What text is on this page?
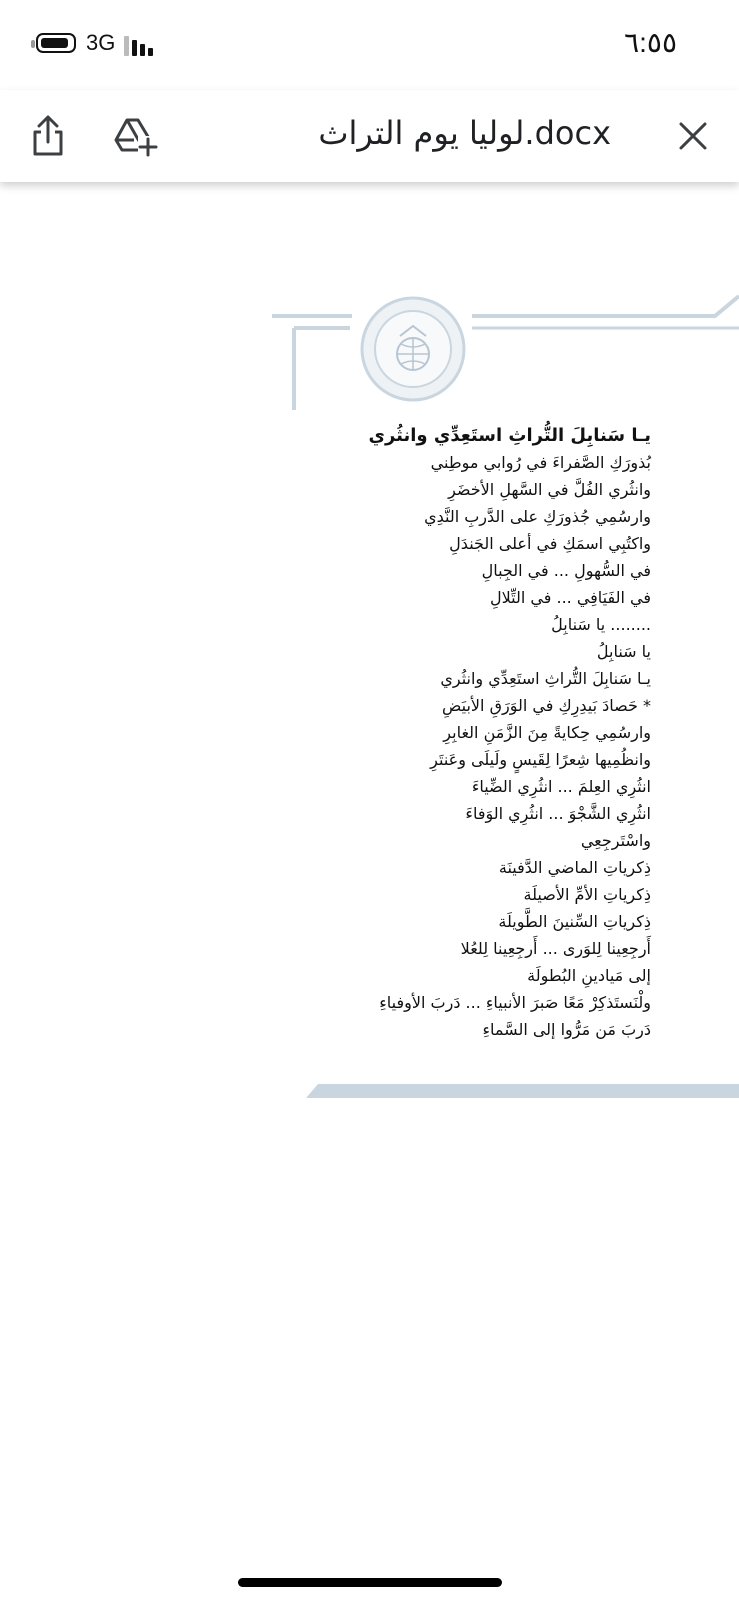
3G	٦:٥٥
لوليا يوم التراث.docx
يـا سَنابِلَ التُّراثِ استَعِدِّي وانثُري
بُذورَكِ الصَّفراءَ في رُوابي موطِني
وانثُري الفُلَّ في السَّهلِ الأخضَرِ
وارسُمِي جُذورَكِ على الدَّربِ النَّدِي
واكتُبِي اسمَكِ في أعلى الجَندَلِ
في السُّهولِ ... في الجِبالِ
في الفَيَافِي ... في التِّلالِ
........ يا سَنابِلُ
يا سَنابِلُ
يـا سَنابِلَ التُّراثِ استَعِدِّي وانثُري
* حَصادَ بَيدِرِكِ في الوَرَقِ الأبيَضِ
وارسُمِي حِكايةً مِنَ الزَّمَنِ الغابِرِ
وانظُمِيها شِعرًا لِقَيسٍ ولَيلَى وعَنتَرِ
انثُرِي العِلمَ ... انثُرِي الضِّياءَ
انثُرِي الشَّجْوَ ... انثُرِي الوَفاءَ
واسْتَرجِعِي
ذِكرياتِ الماضي الدَّفينَة
ذِكرياتِ الأمِّ الأصيلَة
ذِكرياتِ السِّنينَ الطَّويلَة
أَرجِعِينا لِلوَرى ... أَرجِعِينا لِلعُلا
إلى مَيادينِ البُطولَة
ولْنَستَذكِرْ مَعًا صَبرَ الأنبياءِ ... دَربَ الأوفياءِ
دَربَ مَن مَرُّوا إلى السَّماءِ
